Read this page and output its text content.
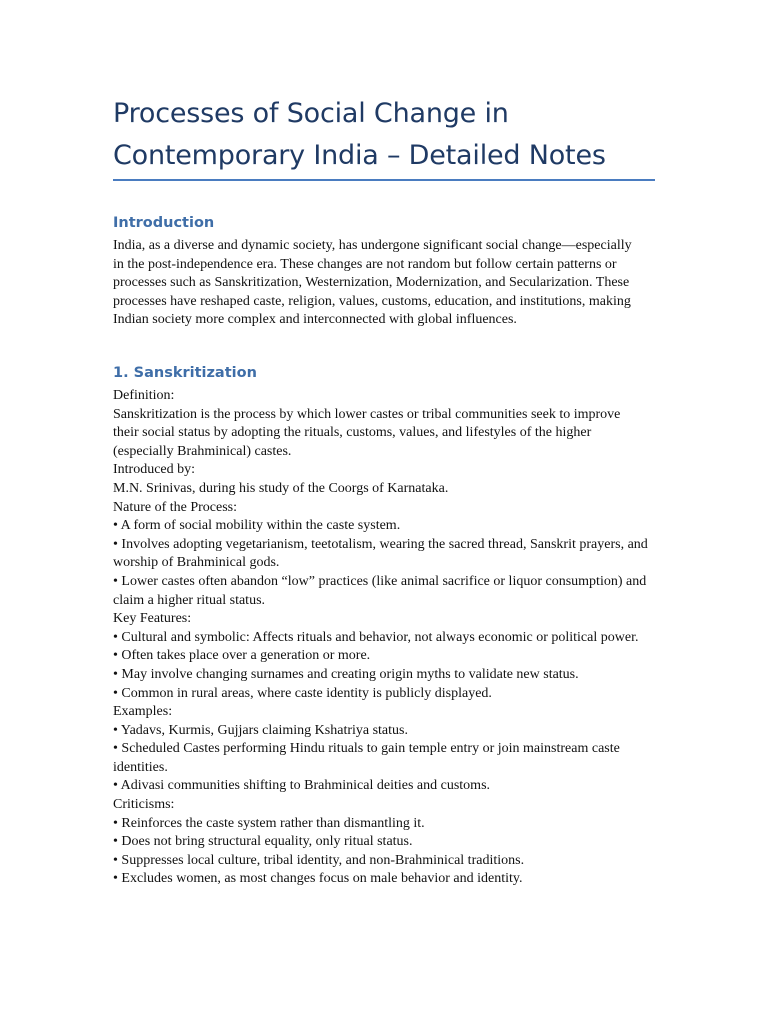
Processes of Social Change in Contemporary India – Detailed Notes
Introduction

India, as a diverse and dynamic society, has undergone significant social change—especially in the post-independence era. These changes are not random but follow certain patterns or processes such as Sanskritization, Westernization, Modernization, and Secularization. These processes have reshaped caste, religion, values, customs, education, and institutions, making Indian society more complex and interconnected with global influences.

1. Sanskritization
Definition:
Sanskritization is the process by which lower castes or tribal communities seek to improve their social status by adopting the rituals, customs, values, and lifestyles of the higher (especially Brahminical) castes.
Introduced by:
M.N. Srinivas, during his study of the Coorgs of Karnataka.
Nature of the Process:
• A form of social mobility within the caste system.
• Involves adopting vegetarianism, teetotalism, wearing the sacred thread, Sanskrit prayers, and worship of Brahminical gods.
• Lower castes often abandon “low” practices (like animal sacrifice or liquor consumption) and claim a higher ritual status.
Key Features:
• Cultural and symbolic: Affects rituals and behavior, not always economic or political power.
• Often takes place over a generation or more.
• May involve changing surnames and creating origin myths to validate new status.
• Common in rural areas, where caste identity is publicly displayed.
Examples:
• Yadavs, Kurmis, Gujjars claiming Kshatriya status.
• Scheduled Castes performing Hindu rituals to gain temple entry or join mainstream caste identities.
• Adivasi communities shifting to Brahminical deities and customs.
Criticisms:
• Reinforces the caste system rather than dismantling it.
• Does not bring structural equality, only ritual status.
• Suppresses local culture, tribal identity, and non-Brahminical traditions.
• Excludes women, as most changes focus on male behavior and identity.
